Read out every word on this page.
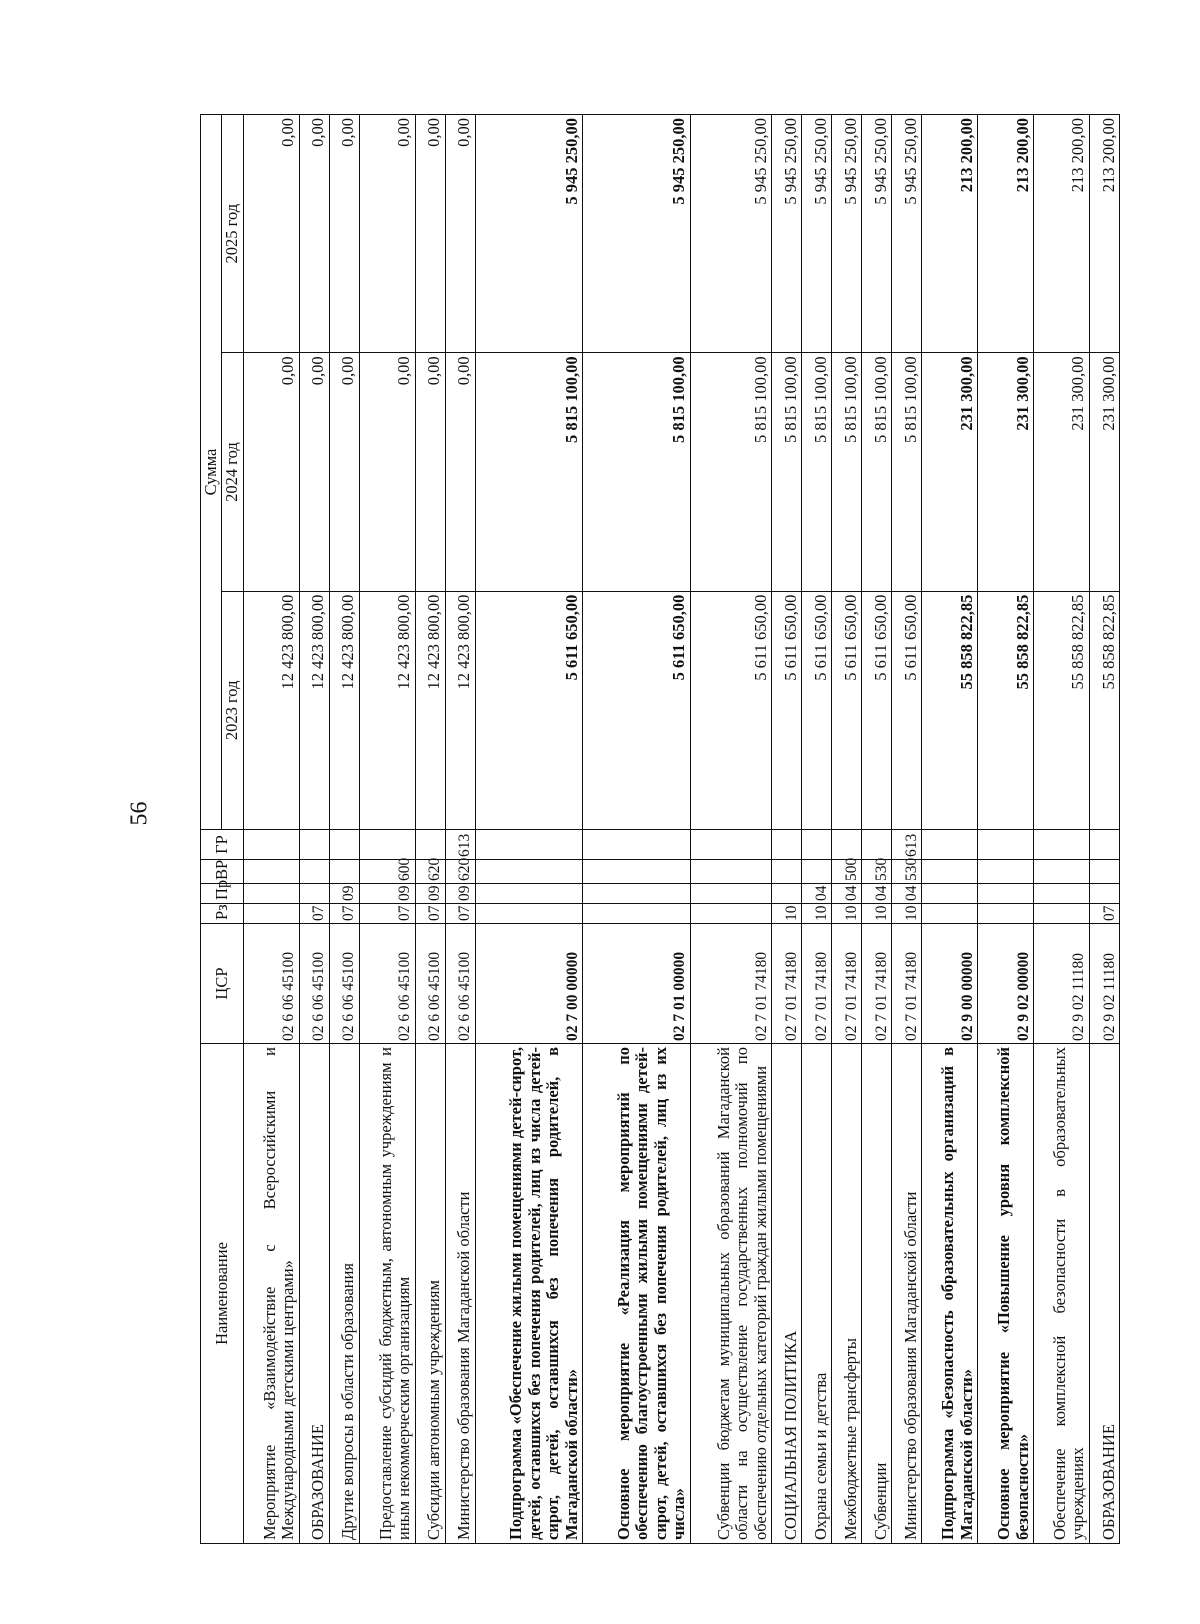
56
Наименование	ЦСР	Рз	Пр	ВР	ГР	Сумма		
						2023 год	2024 год	2025 год
Мероприятие «Взаимодействие с Всероссийскими и Международными детскими центрами»	02 6 06 45100					12 423 800,00	0,00	0,00
ОБРАЗОВАНИЕ	02 6 06 45100	07				12 423 800,00	0,00	0,00
Другие вопросы в области образования	02 6 06 45100	07	09			12 423 800,00	0,00	0,00
Предоставление субсидий бюджетным, автономным учреждениям и иным некоммерческим организациям	02 6 06 45100	07	09	600		12 423 800,00	0,00	0,00
Субсидии автономным учреждениям	02 6 06 45100	07	09	620		12 423 800,00	0,00	0,00
Министерство образования Магаданской области	02 6 06 45100	07	09	620	613	12 423 800,00	0,00	0,00
Подпрограмма «Обеспечение жилыми помещениями детей-сирот, детей, оставшихся без попечения родителей, лиц из числа детей-сирот, детей, оставшихся без попечения родителей, в Магаданской области»	02 7 00 00000					5 611 650,00	5 815 100,00	5 945 250,00
Основное мероприятие «Реализация мероприятий по обеспечению благоустроенными жилыми помещениями детей-сирот, детей, оставшихся без попечения родителей, лиц из их числа»	02 7 01 00000					5 611 650,00	5 815 100,00	5 945 250,00
Субвенции бюджетам муниципальных образований Магаданской области на осуществление государственных полномочий по обеспечению отдельных категорий граждан жилыми помещениями	02 7 01 74180					5 611 650,00	5 815 100,00	5 945 250,00
СОЦИАЛЬНАЯ ПОЛИТИКА	02 7 01 74180	10				5 611 650,00	5 815 100,00	5 945 250,00
Охрана семьи и детства	02 7 01 74180	10	04			5 611 650,00	5 815 100,00	5 945 250,00
Межбюджетные трансферты	02 7 01 74180	10	04	500		5 611 650,00	5 815 100,00	5 945 250,00
Субвенции	02 7 01 74180	10	04	530		5 611 650,00	5 815 100,00	5 945 250,00
Министерство образования Магаданской области	02 7 01 74180	10	04	530	613	5 611 650,00	5 815 100,00	5 945 250,00
Подпрограмма «Безопасность образовательных организаций в Магаданской области»	02 9 00 00000					55 858 822,85	231 300,00	213 200,00
Основное мероприятие «Повышение уровня комплексной безопасности»	02 9 02 00000					55 858 822,85	231 300,00	213 200,00
Обеспечение комплексной безопасности в образовательных учреждениях	02 9 02 11180					55 858 822,85	231 300,00	213 200,00
ОБРАЗОВАНИЕ	02 9 02 11180	07				55 858 822,85	231 300,00	213 200,00
